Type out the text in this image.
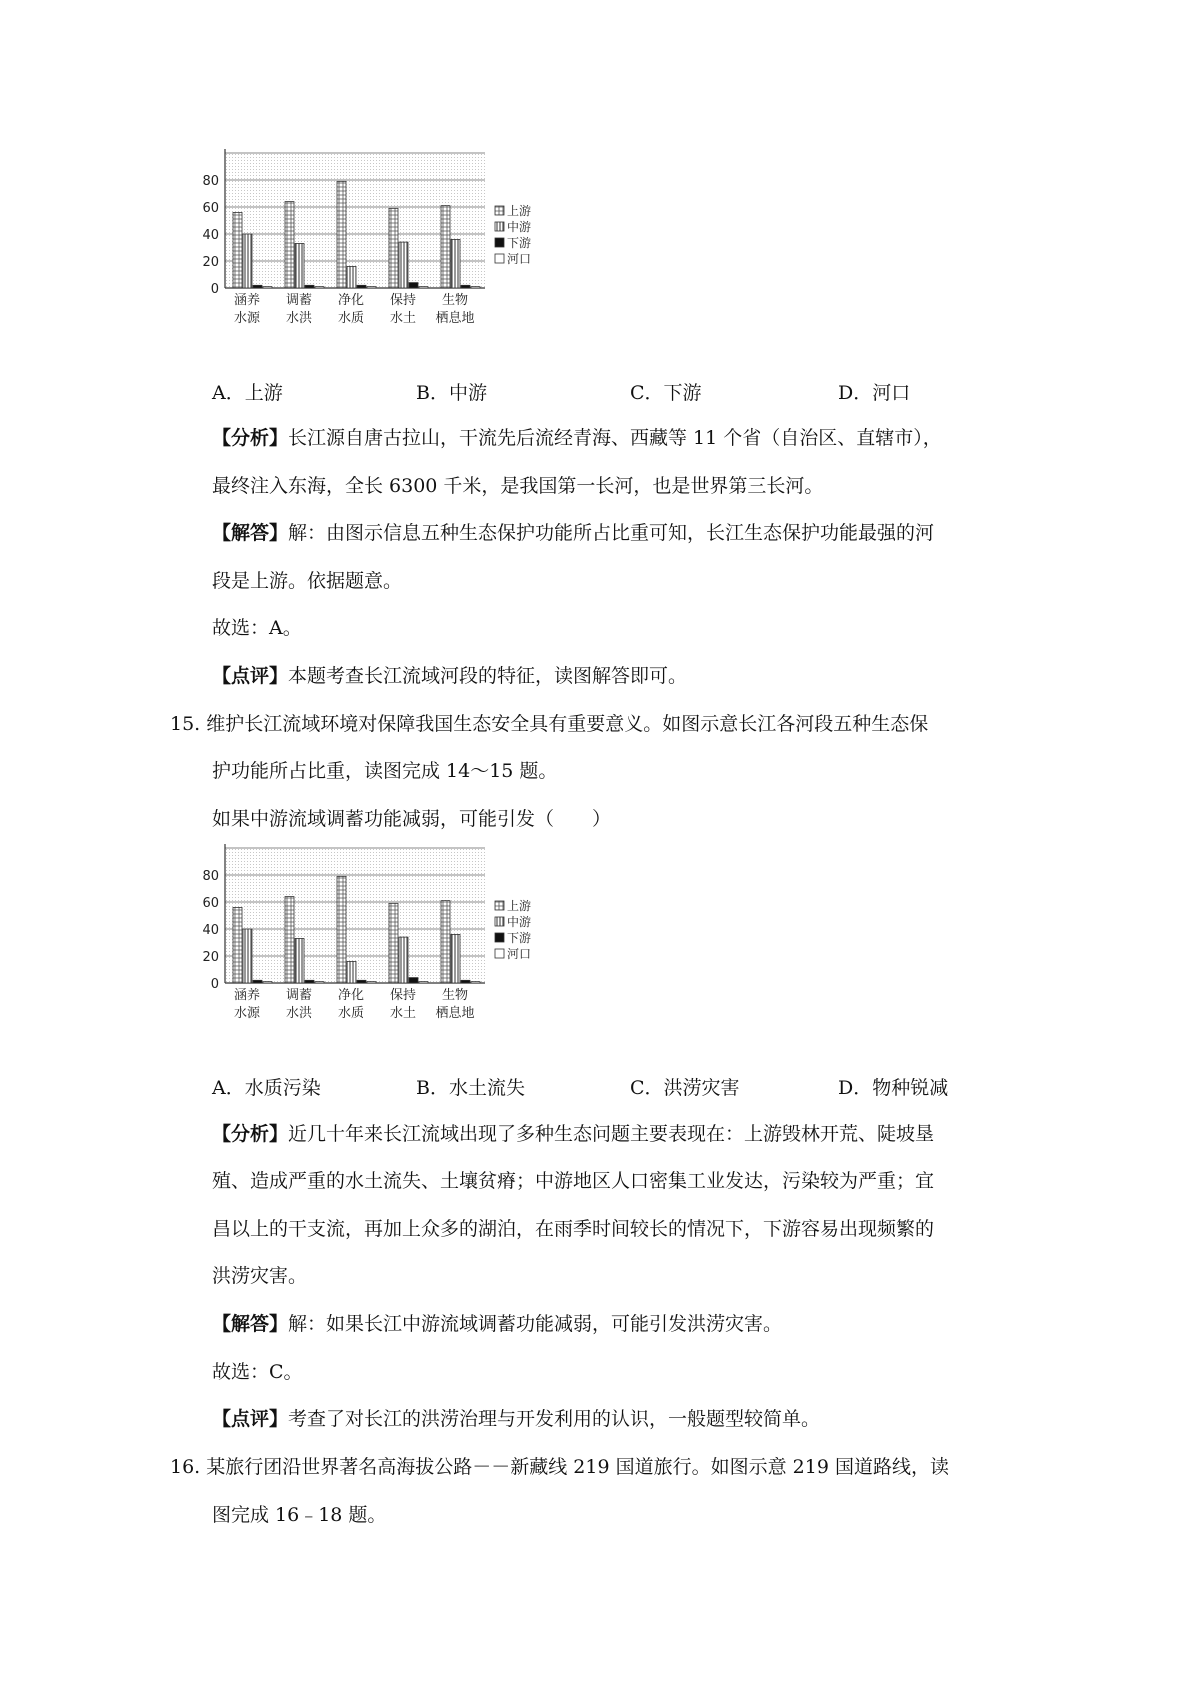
0
20
40
60
80
涵养
水源
调蓄
水洪
净化
水质
保持
水土
生物
栖息地
上游
中游
下游
河口
A．上游	B．中游	C．下游	D．河口
【分析】长江源自唐古拉山，干流先后流经青海、西藏等 11 个省（自治区、直辖市），
最终注入东海，全长 6300 千米，是我国第一长河，也是世界第三长河。
【解答】解：由图示信息五种生态保护功能所占比重可知，长江生态保护功能最强的河
段是上游。依据题意。
故选：A。
【点评】本题考查长江流域河段的特征，读图解答即可。
15. 维护长江流域环境对保障我国生态安全具有重要意义。如图示意长江各河段五种生态保
护功能所占比重，读图完成 14～15 题。
如果中游流域调蓄功能减弱，可能引发（　　）
0
20
40
60
80
涵养
水源
调蓄
水洪
净化
水质
保持
水土
生物
栖息地
上游
中游
下游
河口
A．水质污染	B．水土流失	C．洪涝灾害	D．物种锐减
【分析】近几十年来长江流域出现了多种生态问题主要表现在：上游毁林开荒、陡坡垦
殖、造成严重的水土流失、土壤贫瘠；中游地区人口密集工业发达，污染较为严重；宜
昌以上的干支流，再加上众多的湖泊，在雨季时间较长的情况下，下游容易出现频繁的
洪涝灾害。
【解答】解：如果长江中游流域调蓄功能减弱，可能引发洪涝灾害。
故选：C。
【点评】考查了对长江的洪涝治理与开发利用的认识，一般题型较简单。
16. 某旅行团沿世界著名高海拔公路－－新藏线 219 国道旅行。如图示意 219 国道路线，读
图完成 16﹣18 题。
